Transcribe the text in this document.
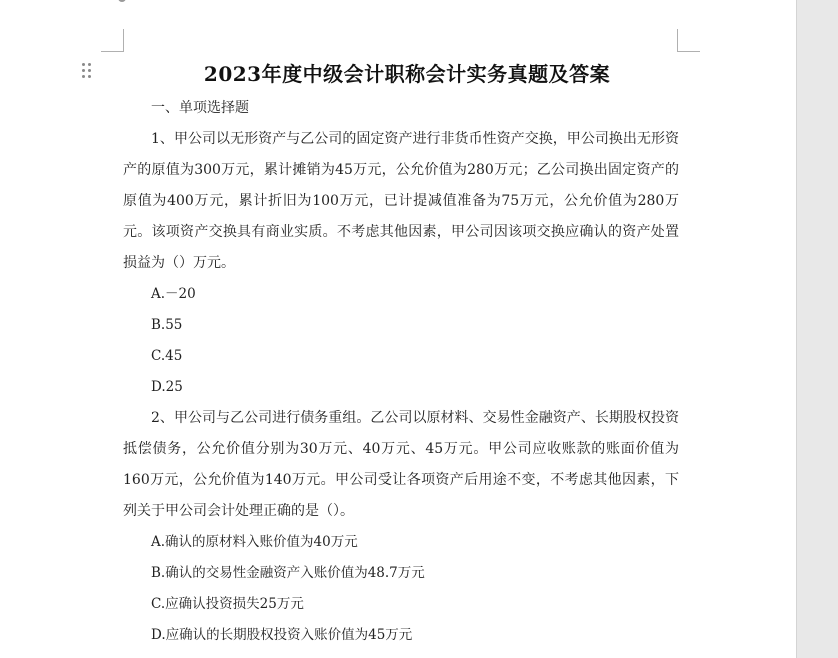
2023年度中级会计职称会计实务真题及答案

一、单项选择题

1、甲公司以无形资产与乙公司的固定资产进行非货币性资产交换，甲公司换出无形资产的原值为300万元，累计摊销为45万元，公允价值为280万元；乙公司换出固定资产的原值为400万元，累计折旧为100万元，已计提减值准备为75万元，公允价值为280万元。该项资产交换具有商业实质。不考虑其他因素，甲公司因该项交换应确认的资产处置损益为（）万元。

A.－20

B.55

C.45

D.25

2、甲公司与乙公司进行债务重组。乙公司以原材料、交易性金融资产、长期股权投资抵偿债务，公允价值分别为30万元、40万元、45万元。甲公司应收账款的账面价值为160万元，公允价值为140万元。甲公司受让各项资产后用途不变，不考虑其他因素，下列关于甲公司会计处理正确的是（）。

A.确认的原材料入账价值为40万元

B.确认的交易性金融资产入账价值为48.7万元

C.应确认投资损失25万元

D.应确认的长期股权投资入账价值为45万元
